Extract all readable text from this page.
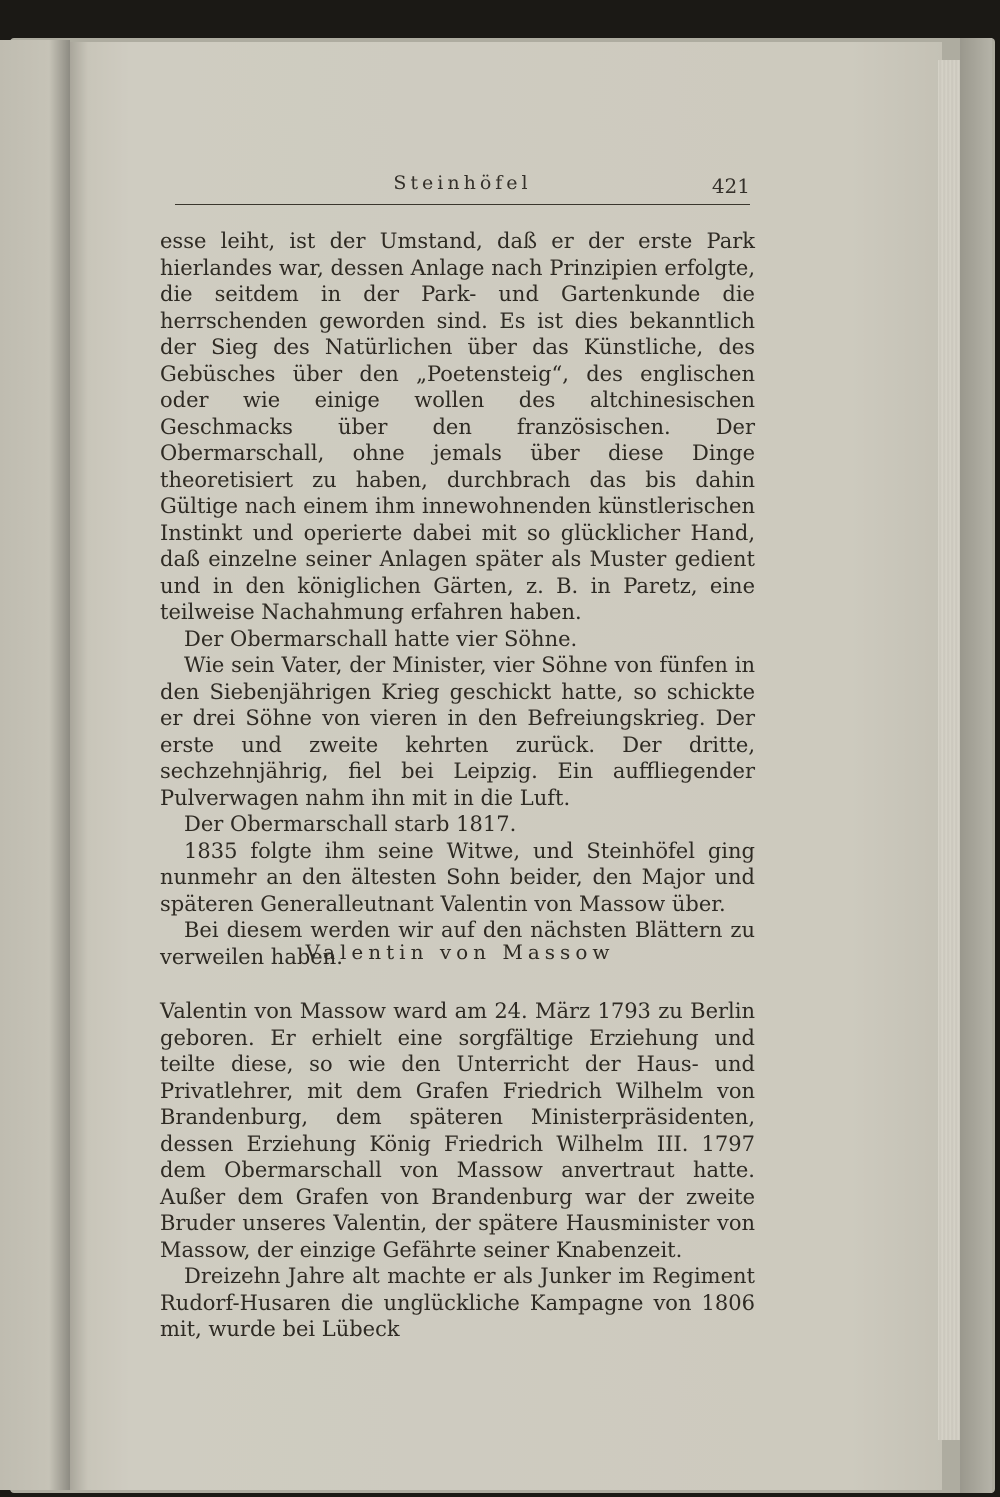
Steinhöfel	421

esse leiht, ist der Umstand, daß er der erste Park hierlandes war, dessen Anlage nach Prinzipien erfolgte, die seitdem in der Park- und Gartenkunde die herrschenden geworden sind. Es ist dies bekanntlich der Sieg des Natürlichen über das Künstliche, des Gebüsches über den „Poetensteig“, des englischen oder wie einige wollen des altchinesischen Geschmacks über den französischen. Der Obermarschall, ohne jemals über diese Dinge theoretisiert zu haben, durchbrach das bis dahin Gültige nach einem ihm innewohnenden künstlerischen Instinkt und operierte dabei mit so glücklicher Hand, daß einzelne seiner Anlagen später als Muster gedient und in den königlichen Gärten, z. B. in Paretz, eine teilweise Nachahmung erfahren haben.

Der Obermarschall hatte vier Söhne.

Wie sein Vater, der Minister, vier Söhne von fünfen in den Siebenjährigen Krieg geschickt hatte, so schickte er drei Söhne von vieren in den Befreiungskrieg. Der erste und zweite kehrten zurück. Der dritte, sechzehnjährig, fiel bei Leipzig. Ein auffliegender Pulverwagen nahm ihn mit in die Luft.

Der Obermarschall starb 1817.

1835 folgte ihm seine Witwe, und Steinhöfel ging nunmehr an den ältesten Sohn beider, den Major und späteren Generalleutnant Valentin von Massow über.

Bei diesem werden wir auf den nächsten Blättern zu verweilen haben.

Valentin von Massow

Valentin von Massow ward am 24. März 1793 zu Berlin geboren. Er erhielt eine sorgfältige Erziehung und teilte diese, so wie den Unterricht der Haus- und Privatlehrer, mit dem Grafen Friedrich Wilhelm von Brandenburg, dem späteren Ministerpräsidenten, dessen Erziehung König Friedrich Wilhelm III. 1797 dem Obermarschall von Massow anvertraut hatte. Außer dem Grafen von Brandenburg war der zweite Bruder unseres Valentin, der spätere Hausminister von Massow, der einzige Gefährte seiner Knabenzeit.

Dreizehn Jahre alt machte er als Junker im Regiment Rudorf-Husaren die unglückliche Kampagne von 1806 mit, wurde bei Lübeck
